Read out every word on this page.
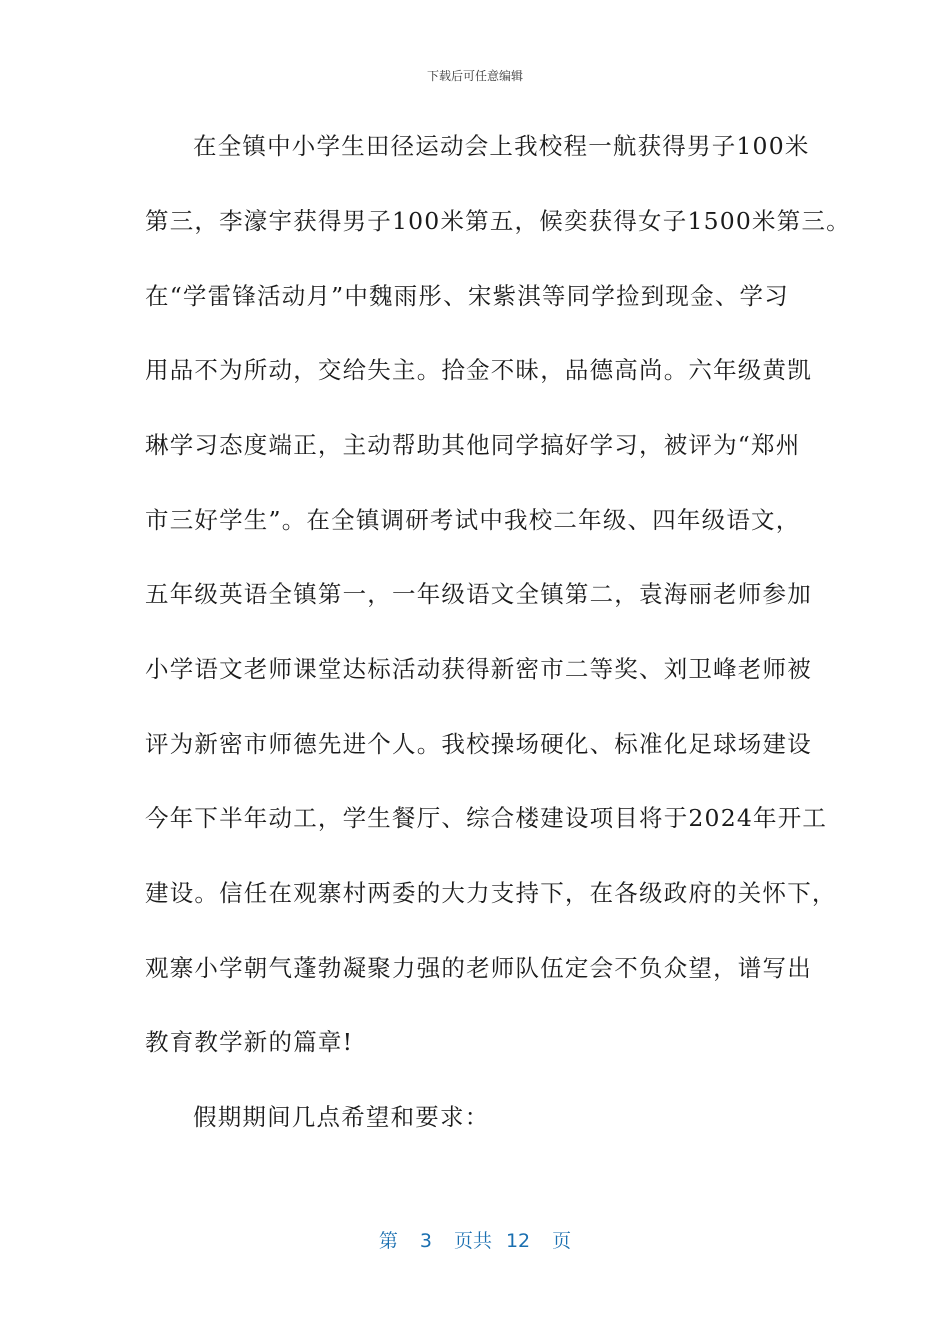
下载后可任意编辑
在全镇中小学生田径运动会上我校程一航获得男子100米
第三，李濠宇获得男子100米第五，候奕获得女子1500米第三。
在“学雷锋活动月”中魏雨彤、宋紫淇等同学捡到现金、学习
用品不为所动，交给失主。拾金不昧，品德高尚。六年级黄凯
琳学习态度端正，主动帮助其他同学搞好学习，被评为“郑州
市三好学生”。在全镇调研考试中我校二年级、四年级语文，
五年级英语全镇第一，一年级语文全镇第二，袁海丽老师参加
小学语文老师课堂达标活动获得新密市二等奖、刘卫峰老师被
评为新密市师德先进个人。我校操场硬化、标准化足球场建设
今年下半年动工，学生餐厅、综合楼建设项目将于2024年开工
建设。信任在观寨村两委的大力支持下，在各级政府的关怀下，
观寨小学朝气蓬勃凝聚力强的老师队伍定会不负众望，谱写出
教育教学新的篇章!
假期期间几点希望和要求：
第 3 页共 12 页
